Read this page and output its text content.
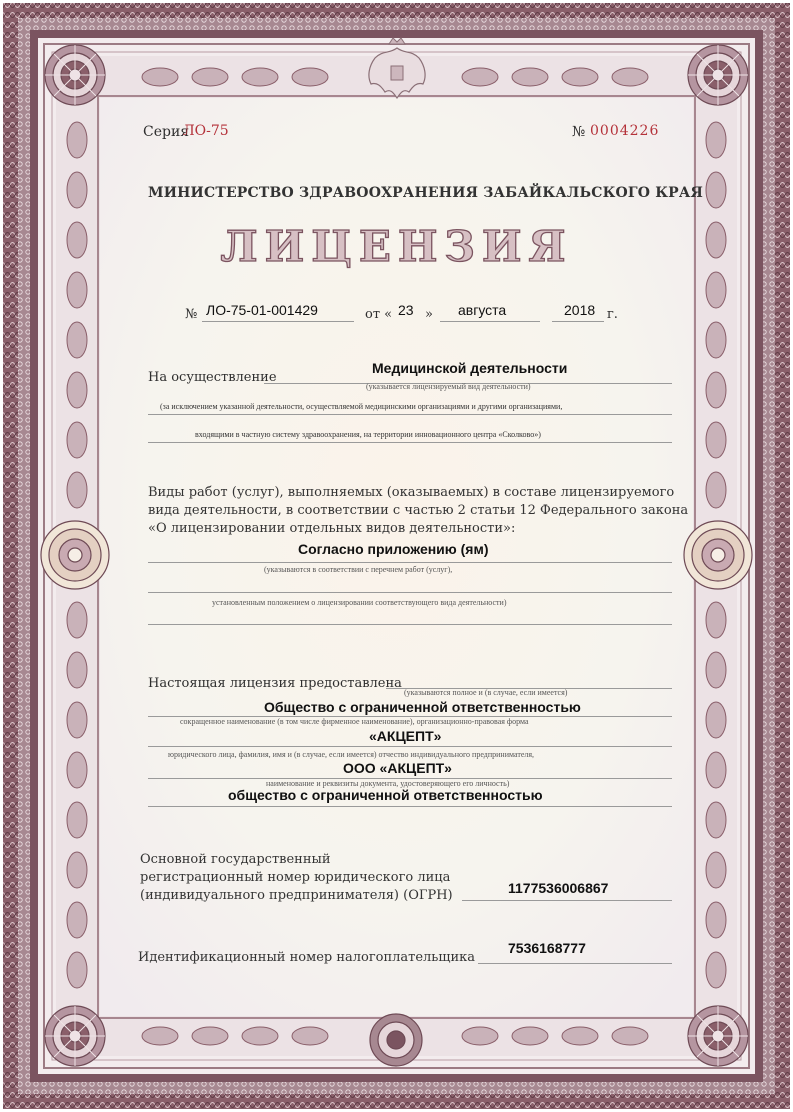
Серия
ЛО-75	№ 0004226
МИНИСТЕРСТВО ЗДРАВООХРАНЕНИЯ ЗАБАЙКАЛЬСКОГО КРАЯ
ЛИЦЕНЗИЯ
№ ЛО-75-01-001429	от « 23 » августа	2018 г.
На осуществление
Медицинской деятельности
(указывается лицензируемый вид деятельности)
(за исключением указанной деятельности, осуществляемой медицинскими организациями и другими организациями,
входящими в частную систему здравоохранения, на территории инновационного центра «Сколково»)
Виды работ (услуг), выполняемых (оказываемых) в составе лицензируемого
вида деятельности, в соответствии с частью 2 статьи 12 Федерального закона
«О лицензировании отдельных видов деятельности»:
Согласно приложению (ям)
(указываются в соответствии с перечнем работ (услуг),
установленным положением о лицензировании соответствующего вида деятельности)
Настоящая лицензия предоставлена
(указываются полное и (в случае, если имеется)
Общество с ограниченной ответственностью
сокращенное наименование (в том числе фирменное наименование), организационно-правовая форма
«АКЦЕПТ»
юридического лица, фамилия, имя и (в случае, если имеется) отчество индивидуального предпринимателя,
ООО «АКЦЕПТ»
наименование и реквизиты документа, удостоверяющего его личность)
общество с ограниченной ответственностью
Основной государственный
регистрационный номер юридического лица
(индивидуального предпринимателя) (ОГРН)	1177536006867
Идентификационный номер налогоплательщика
7536168777
